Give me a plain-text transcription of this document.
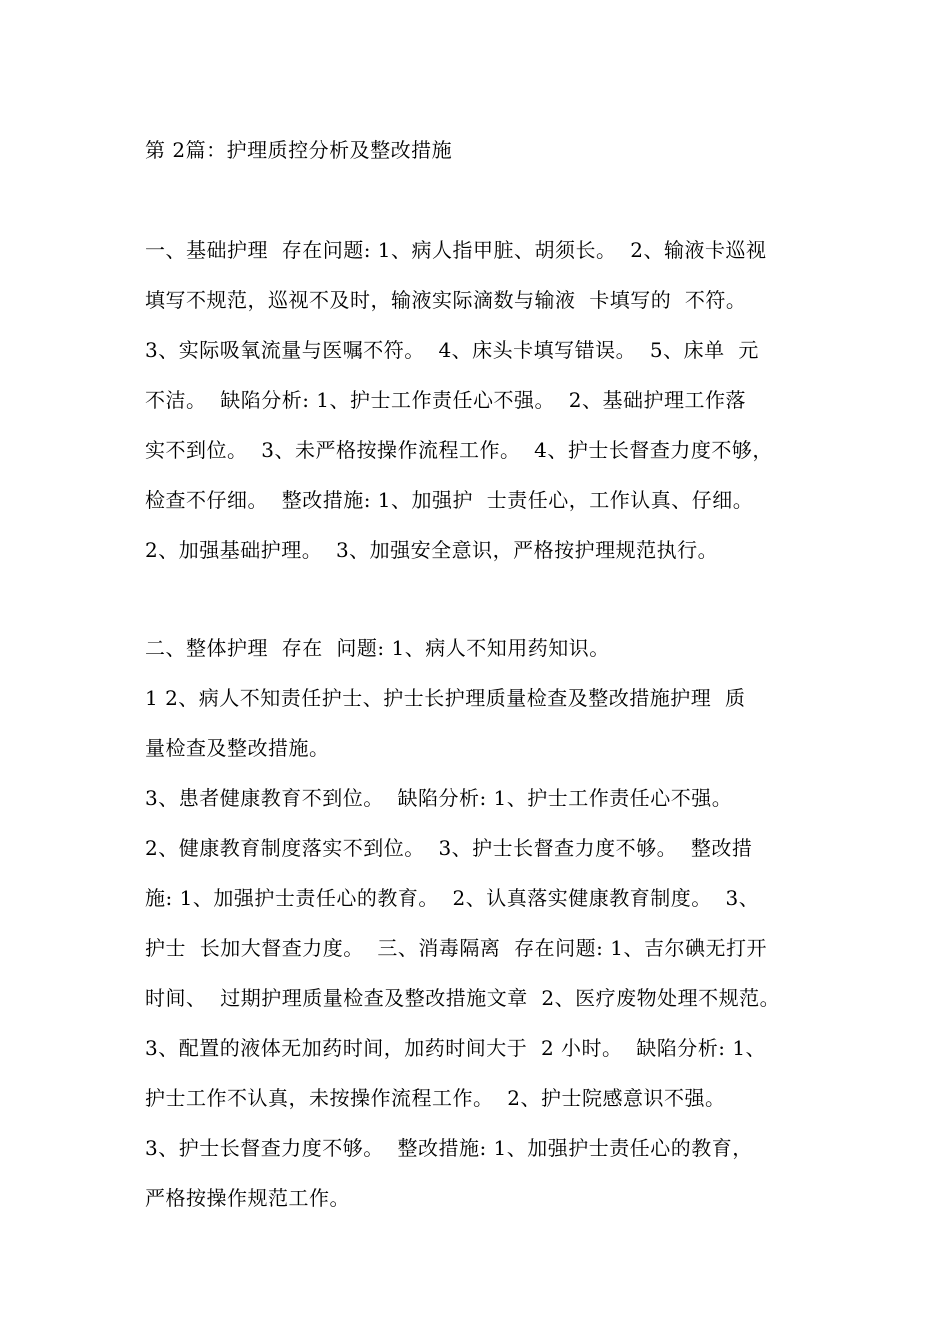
第 2篇：护理质控分析及整改措施
一、基础护理  存在问题: 1、病人指甲脏、胡须长。  2、输液卡巡视
填写不规范，巡视不及时，输液实际滴数与输液  卡填写的  不符。
3、实际吸氧流量与医嘱不符。  4、床头卡填写错误。  5、床单  元
不洁。  缺陷分析: 1、护士工作责任心不强。  2、基础护理工作落
实不到位。  3、未严格按操作流程工作。  4、护士长督查力度不够，
检查不仔细。  整改措施: 1、加强护  士责任心，工作认真、仔细。
2、加强基础护理。  3、加强安全意识，严格按护理规范执行。
二、整体护理  存在  问题: 1、病人不知用药知识。
1 2、病人不知责任护士、护士长护理质量检查及整改措施护理  质
量检查及整改措施。
3、患者健康教育不到位。  缺陷分析: 1、护士工作责任心不强。
2、健康教育制度落实不到位。  3、护士长督查力度不够。  整改措
施: 1、加强护士责任心的教育。  2、认真落实健康教育制度。  3、
护士  长加大督查力度。  三、消毒隔离  存在问题: 1、吉尔碘无打开
时间、  过期护理质量检查及整改措施文章  2、医疗废物处理不规范。
3、配置的液体无加药时间，加药时间大于  2 小时。  缺陷分析: 1、
护士工作不认真，未按操作流程工作。  2、护士院感意识不强。
3、护士长督查力度不够。  整改措施: 1、加强护士责任心的教育，
严格按操作规范工作。
